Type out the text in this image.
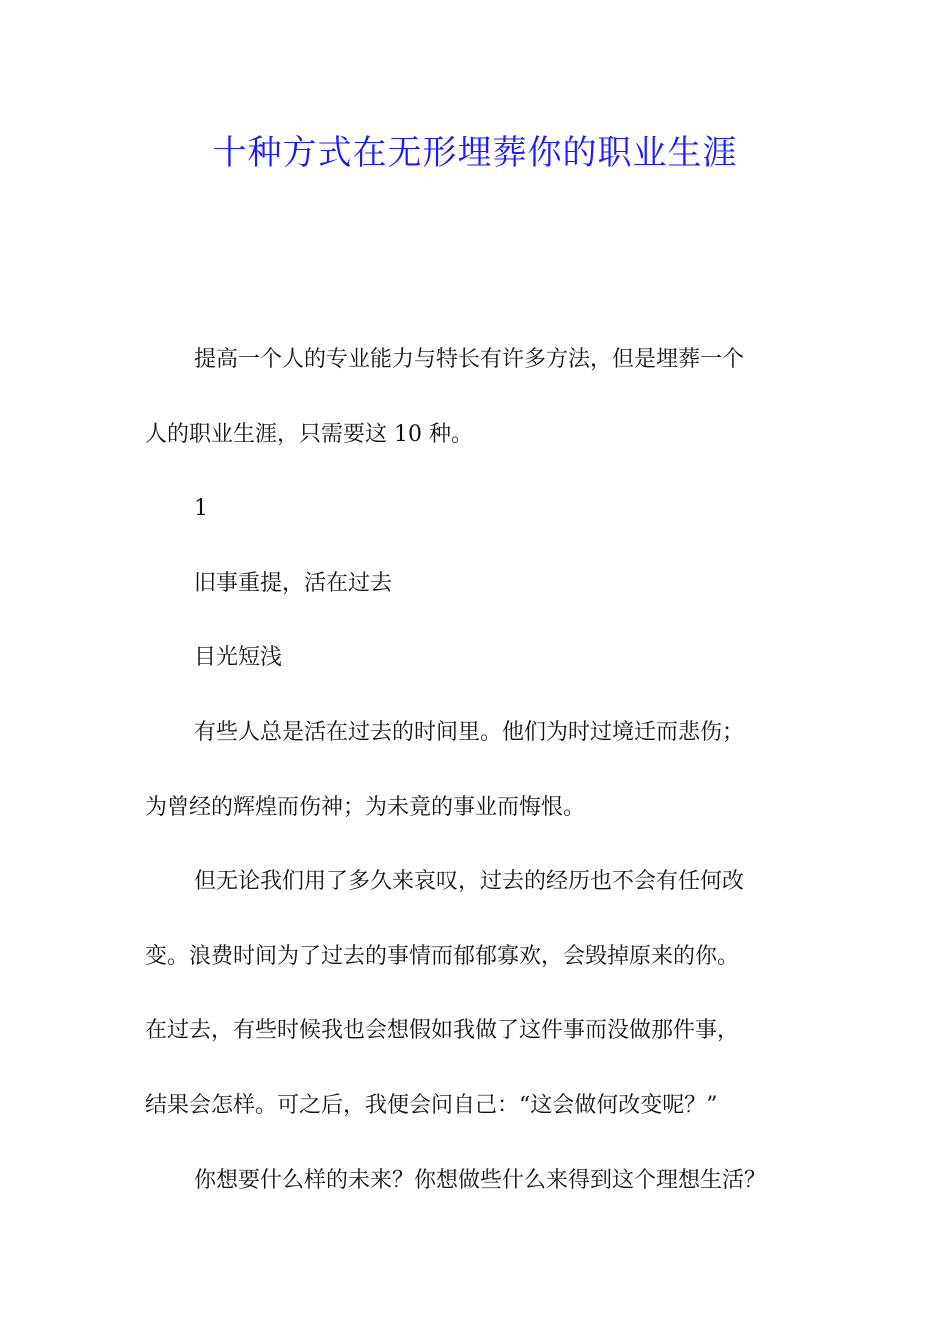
十种方式在无形埋葬你的职业生涯
提高一个人的专业能力与特长有许多方法，但是埋葬一个
人的职业生涯，只需要这 10 种。
1
旧事重提，活在过去
目光短浅
有些人总是活在过去的时间里。他们为时过境迁而悲伤；
为曾经的辉煌而伤神；为未竟的事业而悔恨。
但无论我们用了多久来哀叹，过去的经历也不会有任何改
变。浪费时间为了过去的事情而郁郁寡欢，会毁掉原来的你。
在过去，有些时候我也会想假如我做了这件事而没做那件事，
结果会怎样。可之后，我便会问自己：“这会做何改变呢？”
你想要什么样的未来？你想做些什么来得到这个理想生活？
